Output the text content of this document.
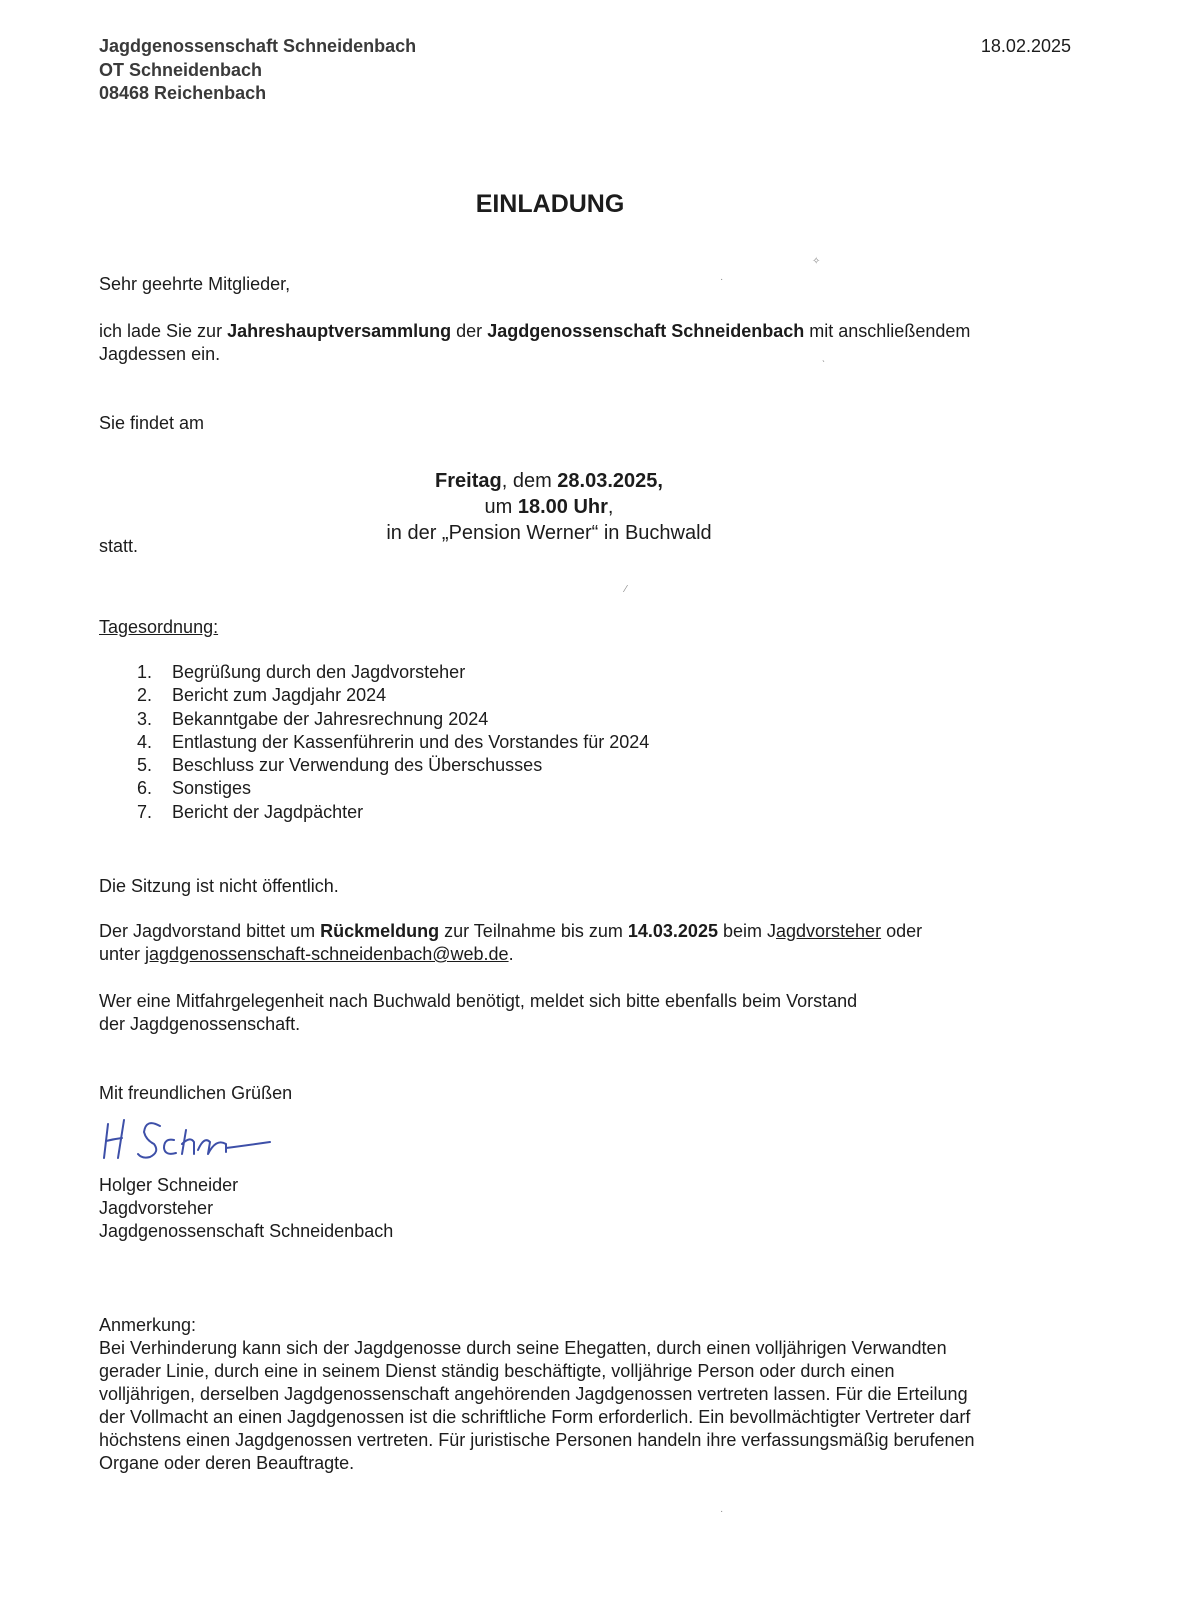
Jagdgenossenschaft Schneidenbach
OT Schneidenbach
08468 Reichenbach
18.02.2025
EINLADUNG
Sehr geehrte Mitglieder,
ich lade Sie zur Jahreshauptversammlung der Jagdgenossenschaft Schneidenbach mit anschließendem
Jagdessen ein.
Sie findet am
Freitag, dem 28.03.2025,
um 18.00 Uhr,
in der „Pension Werner“ in Buchwald
statt.
Tagesordnung:
1.	Begrüßung durch den Jagdvorsteher
2.	Bericht zum Jagdjahr 2024
3.	Bekanntgabe der Jahresrechnung 2024
4.	Entlastung der Kassenführerin und des Vorstandes für 2024
5.	Beschluss zur Verwendung des Überschusses
6.	Sonstiges
7.	Bericht der Jagdpächter
Die Sitzung ist nicht öffentlich.
Der Jagdvorstand bittet um Rückmeldung zur Teilnahme bis zum 14.03.2025 beim Jagdvorsteher oder
unter jagdgenossenschaft-schneidenbach@web.de.
Wer eine Mitfahrgelegenheit nach Buchwald benötigt, meldet sich bitte ebenfalls beim Vorstand
der Jagdgenossenschaft.
Mit freundlichen Grüßen
Holger Schneider
Jagdvorsteher
Jagdgenossenschaft Schneidenbach
Anmerkung:
Bei Verhinderung kann sich der Jagdgenosse durch seine Ehegatten, durch einen volljährigen Verwandten
gerader Linie, durch eine in seinem Dienst ständig beschäftigte, volljährige Person oder durch einen
volljährigen, derselben Jagdgenossenschaft angehörenden Jagdgenossen vertreten lassen. Für die Erteilung
der Vollmacht an einen Jagdgenossen ist die schriftliche Form erforderlich. Ein bevollmächtigter Vertreter darf
höchstens einen Jagdgenossen vertreten. Für juristische Personen handeln ihre verfassungsmäßig berufenen
Organe oder deren Beauftragte.
✧
·
ˎ
⁄
·
